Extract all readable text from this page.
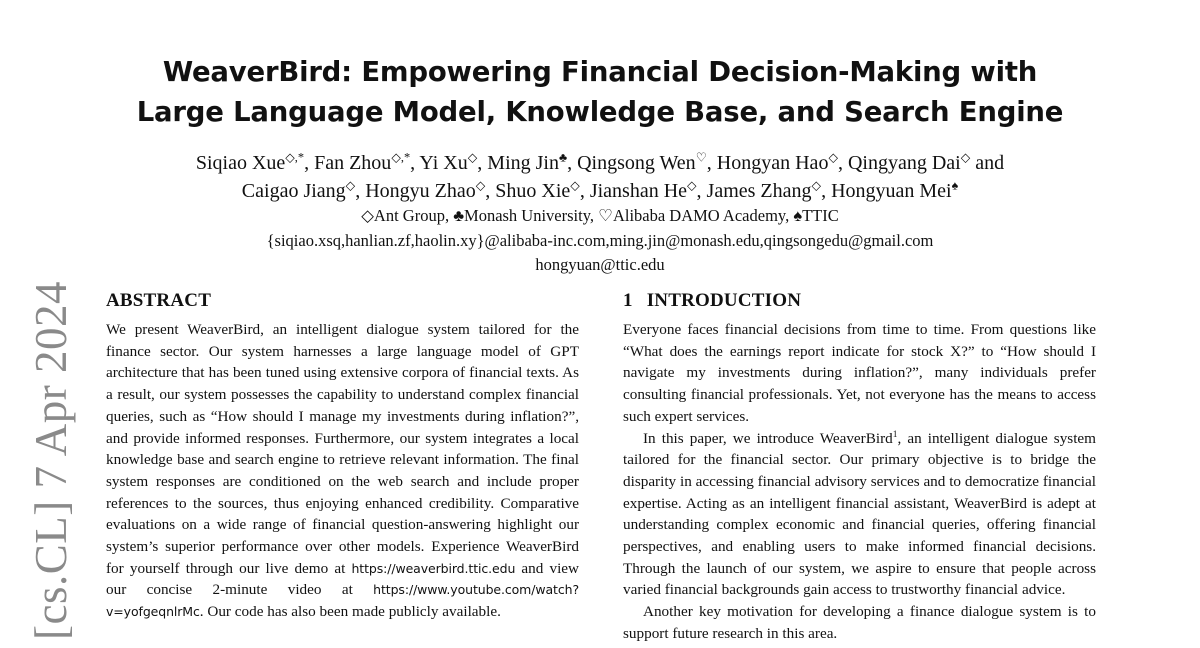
WeaverBird: Empowering Financial Decision-Making with
Large Language Model, Knowledge Base, and Search Engine
Siqiao Xue◇,*, Fan Zhou◇,*, Yi Xu◇, Ming Jin♣, Qingsong Wen♡, Hongyan Hao◇, Qingyang Dai◇ and
Caigao Jiang◇, Hongyu Zhao◇, Shuo Xie◇, Jianshan He◇, James Zhang◇, Hongyuan Mei♠
◇Ant Group, ♣Monash University, ♡Alibaba DAMO Academy, ♠TTIC
{siqiao.xsq,hanlian.zf,haolin.xy}@alibaba-inc.com,ming.jin@monash.edu,qingsongedu@gmail.com
hongyuan@ttic.edu
[cs.CL] 7 Apr 2024 ABSTRACT

We present WeaverBird, an intelligent dialogue system tailored for the finance sector. Our system harnesses a large language model of GPT architecture that has been tuned using extensive corpora of financial texts. As a result, our system possesses the capability to understand complex financial queries, such as “How should I manage my investments during inflation?”, and provide informed responses. Furthermore, our system integrates a local knowledge base and search engine to retrieve relevant information. The final system responses are conditioned on the web search and include proper references to the sources, thus enjoying enhanced credibility. Comparative evaluations on a wide range of financial question-answering highlight our system’s superior performance over other models. Experience WeaverBird for yourself through our live demo at https://weaverbird.ttic.edu and view our concise 2-minute video at https://www.youtube.com/watch?v=yofgeqnlrMc. Our code has also been made publicly available.

1 INTRODUCTION

Everyone faces financial decisions from time to time. From questions like “What does the earnings report indicate for stock X?” to “How should I navigate my investments during inflation?”, many individuals prefer consulting financial professionals. Yet, not everyone has the means to access such expert services.

In this paper, we introduce WeaverBird$^1$, an intelligent dialogue system tailored for the financial sector. Our primary objective is to bridge the disparity in accessing financial advisory services and to democratize financial expertise. Acting as an intelligent financial assistant, WeaverBird is adept at understanding complex economic and financial queries, offering financial perspectives, and enabling users to make informed financial decisions. Through the launch of our system, we aspire to ensure that people across varied financial backgrounds gain access to trustworthy financial advice.

Another key motivation for developing a finance dialogue system is to support future research in this area.
